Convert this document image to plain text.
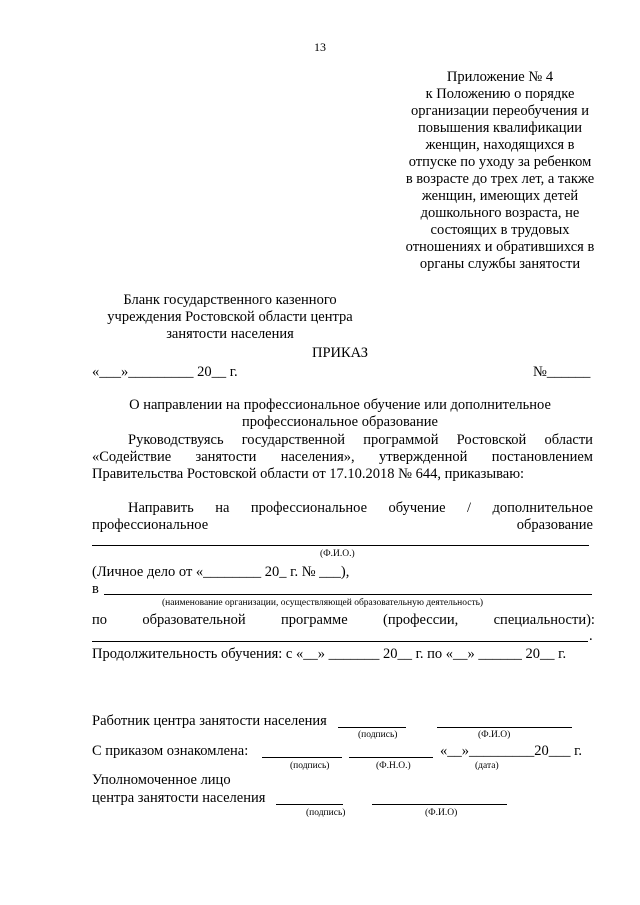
13
Приложение № 4
к Положению о порядке
организации переобучения и
повышения квалификации
женщин, находящихся в
отпуске по уходу за ребенком
в возрасте до трех лет, а также
женщин, имеющих детей
дошкольного возраста, не
состоящих в трудовых
отношениях и обратившихся в
органы службы занятости
Бланк государственного казенного
учреждения Ростовской области центра
занятости населения
ПРИКАЗ
«___»_________ 20__ г.	№______
О направлении на профессиональное обучение или дополнительное
профессиональное образование
Руководствуясь государственной программой Ростовской области
«Содействие занятости населения», утвержденной постановлением
Правительства Ростовской области от 17.10.2018 № 644, приказываю:
Направить на профессиональное обучение / дополнительное
профессиональное	образование
(Ф.И.О.)
(Личное дело от «________ 20_ г. № ___),
в
(наименование организации, осуществляющей образовательную деятельность)
по образовательной программе (профессии, специальности):
.
Продолжительность обучения: с «__» _______ 20__ г. по «__» ______ 20__ г.
Работник центра занятости населения
(подпись)	(Ф.И.О)
С приказом ознакомлена:	«__»_________20___ г.
(подпись)	(Ф.Н.О.)	(дата)
Уполномоченное лицо
центра занятости населения
(подпись)	(Ф.И.О)
